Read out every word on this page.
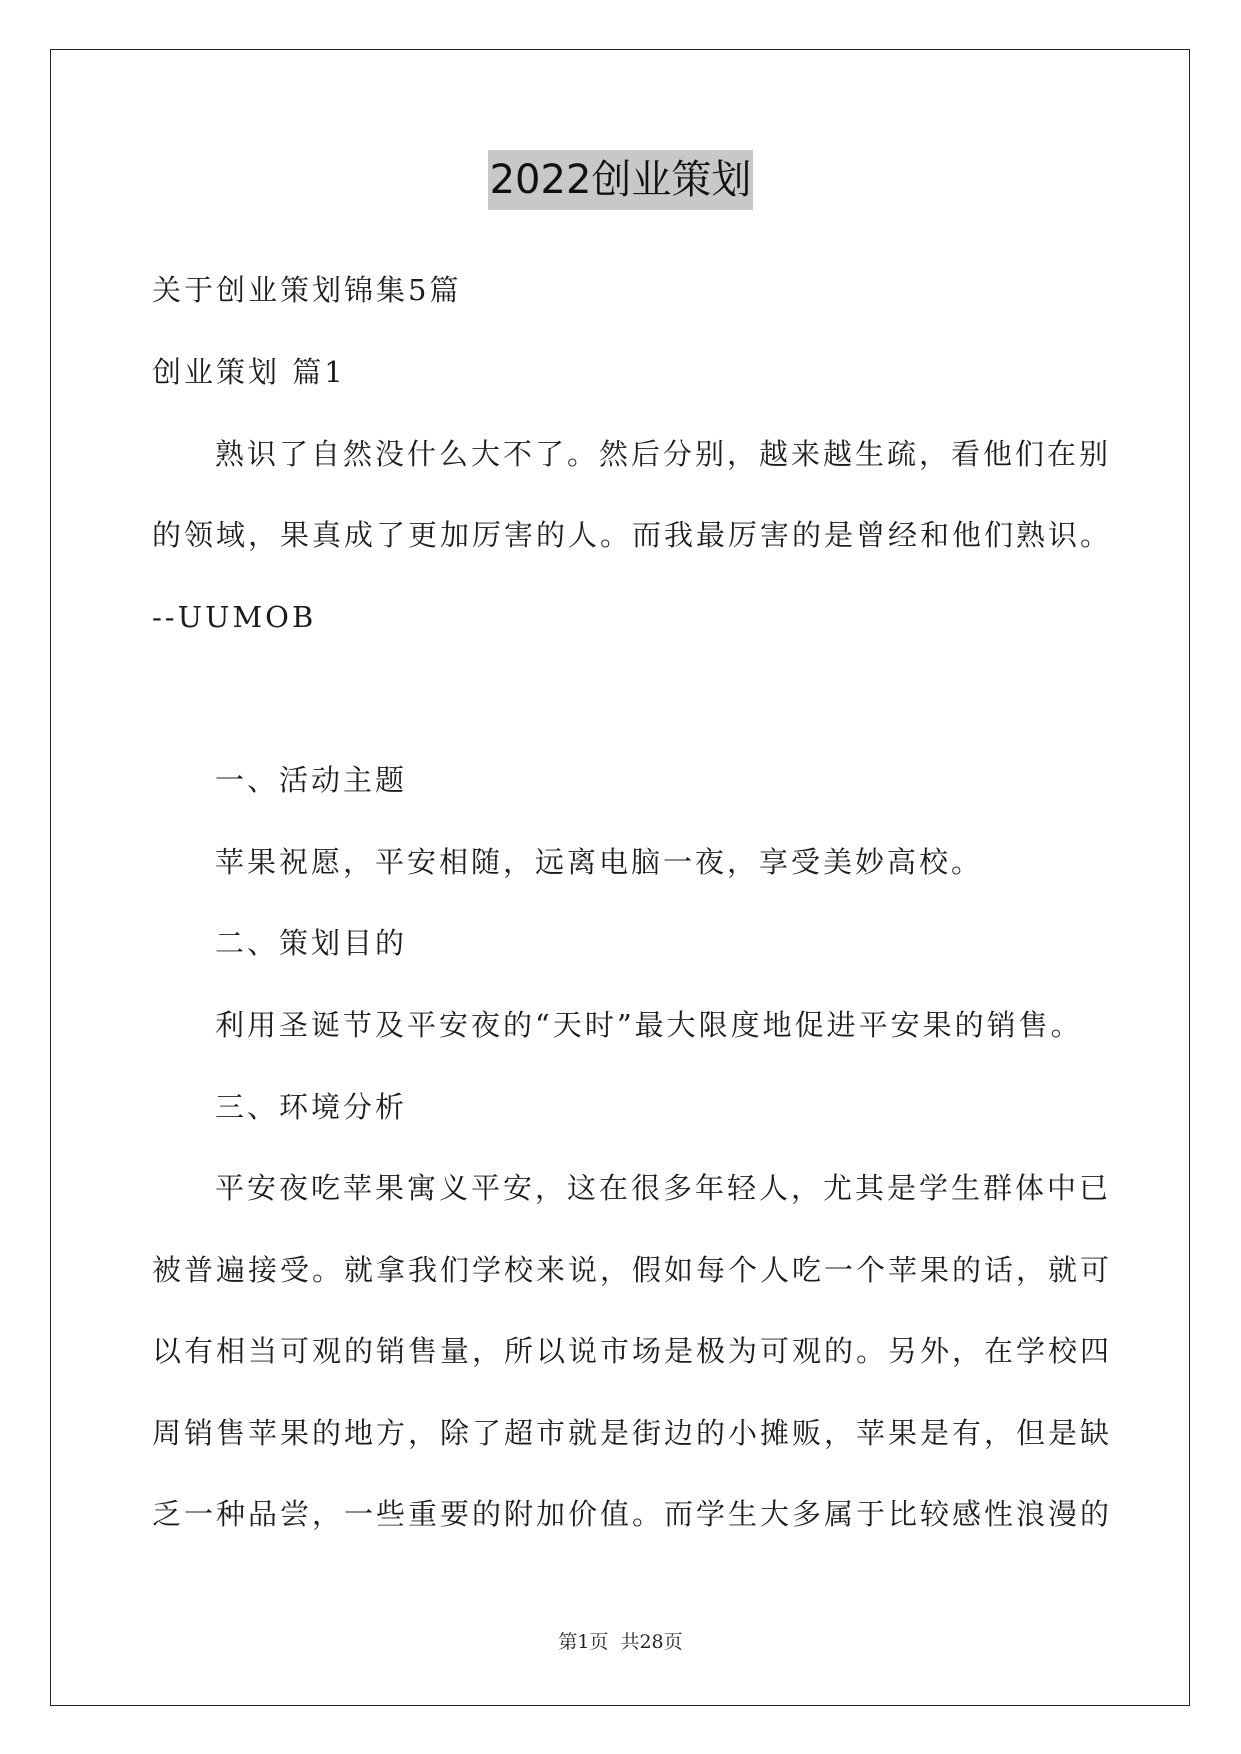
2022创业策划
关于创业策划锦集5篇
创业策划 篇1
熟识了自然没什么大不了。然后分别，越来越生疏，看他们在别
的领域，果真成了更加厉害的人。而我最厉害的是曾经和他们熟识。
--UUMOB
一、活动主题
苹果祝愿，平安相随，远离电脑一夜，享受美妙高校。
二、策划目的
利用圣诞节及平安夜的“天时”最大限度地促进平安果的销售。
三、环境分析
平安夜吃苹果寓义平安，这在很多年轻人，尤其是学生群体中已
被普遍接受。就拿我们学校来说，假如每个人吃一个苹果的话，就可
以有相当可观的销售量，所以说市场是极为可观的。另外，在学校四
周销售苹果的地方，除了超市就是街边的小摊贩，苹果是有，但是缺
乏一种品尝，一些重要的附加价值。而学生大多属于比较感性浪漫的
第1页 共28页
